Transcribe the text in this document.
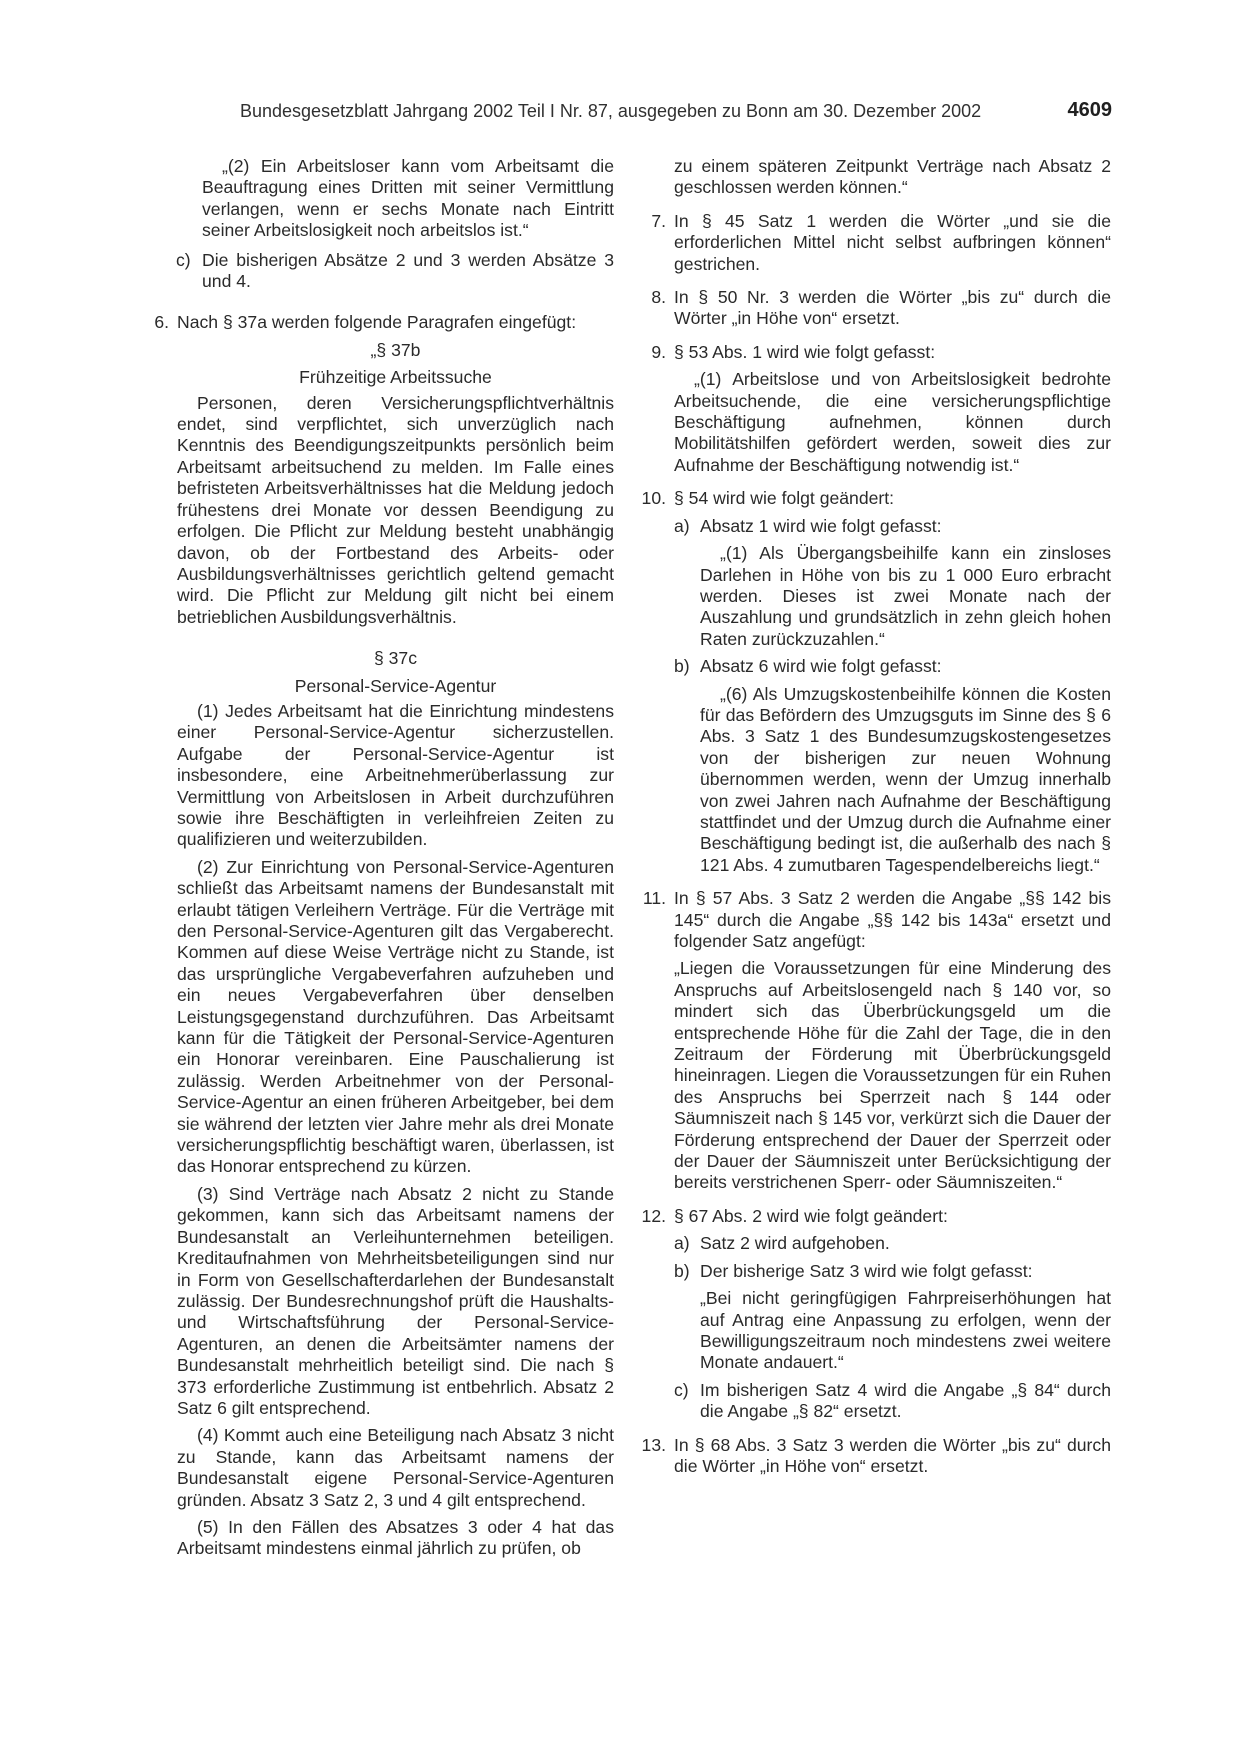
Bundesgesetzblatt Jahrgang 2002 Teil I Nr. 87, ausgegeben zu Bonn am 30. Dezember 2002	4609

„(2) Ein Arbeitsloser kann vom Arbeitsamt die Beauftragung eines Dritten mit seiner Vermittlung verlangen, wenn er sechs Monate nach Eintritt seiner Arbeitslosigkeit noch arbeitslos ist.“

c) Die bisherigen Absätze 2 und 3 werden Absätze 3 und 4.

6. Nach § 37a werden folgende Paragrafen eingefügt:

„§ 37b

Frühzeitige Arbeitssuche

Personen, deren Versicherungspflichtverhältnis endet, sind verpflichtet, sich unverzüglich nach Kenntnis des Beendigungszeitpunkts persönlich beim Arbeitsamt arbeitsuchend zu melden. Im Falle eines befristeten Arbeitsverhältnisses hat die Meldung jedoch frühestens drei Monate vor dessen Beendigung zu erfolgen. Die Pflicht zur Meldung besteht unabhängig davon, ob der Fortbestand des Arbeits- oder Ausbildungsverhältnisses gerichtlich geltend gemacht wird. Die Pflicht zur Meldung gilt nicht bei einem betrieblichen Ausbildungsverhältnis.

§ 37c

Personal-Service-Agentur

(1) Jedes Arbeitsamt hat die Einrichtung mindestens einer Personal-Service-Agentur sicherzustellen. Aufgabe der Personal-Service-Agentur ist insbesondere, eine Arbeitnehmerüberlassung zur Vermittlung von Arbeitslosen in Arbeit durchzuführen sowie ihre Beschäftigten in verleihfreien Zeiten zu qualifizieren und weiterzubilden.

(2) Zur Einrichtung von Personal-Service-Agenturen schließt das Arbeitsamt namens der Bundesanstalt mit erlaubt tätigen Verleihern Verträge. Für die Verträge mit den Personal-Service-Agenturen gilt das Vergaberecht. Kommen auf diese Weise Verträge nicht zu Stande, ist das ursprüngliche Vergabeverfahren aufzuheben und ein neues Vergabeverfahren über denselben Leistungsgegenstand durchzuführen. Das Arbeitsamt kann für die Tätigkeit der Personal-Service-Agenturen ein Honorar vereinbaren. Eine Pauschalierung ist zulässig. Werden Arbeitnehmer von der Personal-Service-Agentur an einen früheren Arbeitgeber, bei dem sie während der letzten vier Jahre mehr als drei Monate versicherungspflichtig beschäftigt waren, überlassen, ist das Honorar entsprechend zu kürzen.

(3) Sind Verträge nach Absatz 2 nicht zu Stande gekommen, kann sich das Arbeitsamt namens der Bundesanstalt an Verleihunternehmen beteiligen. Kreditaufnahmen von Mehrheitsbeteiligungen sind nur in Form von Gesellschafterdarlehen der Bundesanstalt zulässig. Der Bundesrechnungshof prüft die Haushalts- und Wirtschaftsführung der Personal-Service-Agenturen, an denen die Arbeitsämter namens der Bundesanstalt mehrheitlich beteiligt sind. Die nach § 373 erforderliche Zustimmung ist entbehrlich. Absatz 2 Satz 6 gilt entsprechend.

(4) Kommt auch eine Beteiligung nach Absatz 3 nicht zu Stande, kann das Arbeitsamt namens der Bundesanstalt eigene Personal-Service-Agenturen gründen. Absatz 3 Satz 2, 3 und 4 gilt entsprechend.

(5) In den Fällen des Absatzes 3 oder 4 hat das Arbeitsamt mindestens einmal jährlich zu prüfen, ob

zu einem späteren Zeitpunkt Verträge nach Absatz 2 geschlossen werden können.“

7. In § 45 Satz 1 werden die Wörter „und sie die erforderlichen Mittel nicht selbst aufbringen können“ gestrichen.

8. In § 50 Nr. 3 werden die Wörter „bis zu“ durch die Wörter „in Höhe von“ ersetzt.

9. § 53 Abs. 1 wird wie folgt gefasst:

„(1) Arbeitslose und von Arbeitslosigkeit bedrohte Arbeitsuchende, die eine versicherungspflichtige Beschäftigung aufnehmen, können durch Mobilitätshilfen gefördert werden, soweit dies zur Aufnahme der Beschäftigung notwendig ist.“

10. § 54 wird wie folgt geändert:

a) Absatz 1 wird wie folgt gefasst:

„(1) Als Übergangsbeihilfe kann ein zinsloses Darlehen in Höhe von bis zu 1 000 Euro erbracht werden. Dieses ist zwei Monate nach der Auszahlung und grundsätzlich in zehn gleich hohen Raten zurückzuzahlen.“

b) Absatz 6 wird wie folgt gefasst:

„(6) Als Umzugskostenbeihilfe können die Kosten für das Befördern des Umzugsguts im Sinne des § 6 Abs. 3 Satz 1 des Bundesumzugskostengesetzes von der bisherigen zur neuen Wohnung übernommen werden, wenn der Umzug innerhalb von zwei Jahren nach Aufnahme der Beschäftigung stattfindet und der Umzug durch die Aufnahme einer Beschäftigung bedingt ist, die außerhalb des nach § 121 Abs. 4 zumutbaren Tagespendelbereichs liegt.“

11. In § 57 Abs. 3 Satz 2 werden die Angabe „§§ 142 bis 145“ durch die Angabe „§§ 142 bis 143a“ ersetzt und folgender Satz angefügt:

„Liegen die Voraussetzungen für eine Minderung des Anspruchs auf Arbeitslosengeld nach § 140 vor, so mindert sich das Überbrückungsgeld um die entsprechende Höhe für die Zahl der Tage, die in den Zeitraum der Förderung mit Überbrückungsgeld hineinragen. Liegen die Voraussetzungen für ein Ruhen des Anspruchs bei Sperrzeit nach § 144 oder Säumniszeit nach § 145 vor, verkürzt sich die Dauer der Förderung entsprechend der Dauer der Sperrzeit oder der Dauer der Säumniszeit unter Berücksichtigung der bereits verstrichenen Sperr- oder Säumniszeiten.“

12. § 67 Abs. 2 wird wie folgt geändert:

a) Satz 2 wird aufgehoben.

b) Der bisherige Satz 3 wird wie folgt gefasst:

„Bei nicht geringfügigen Fahrpreiserhöhungen hat auf Antrag eine Anpassung zu erfolgen, wenn der Bewilligungszeitraum noch mindestens zwei weitere Monate andauert.“

c) Im bisherigen Satz 4 wird die Angabe „§ 84“ durch die Angabe „§ 82“ ersetzt.

13. In § 68 Abs. 3 Satz 3 werden die Wörter „bis zu“ durch die Wörter „in Höhe von“ ersetzt.
